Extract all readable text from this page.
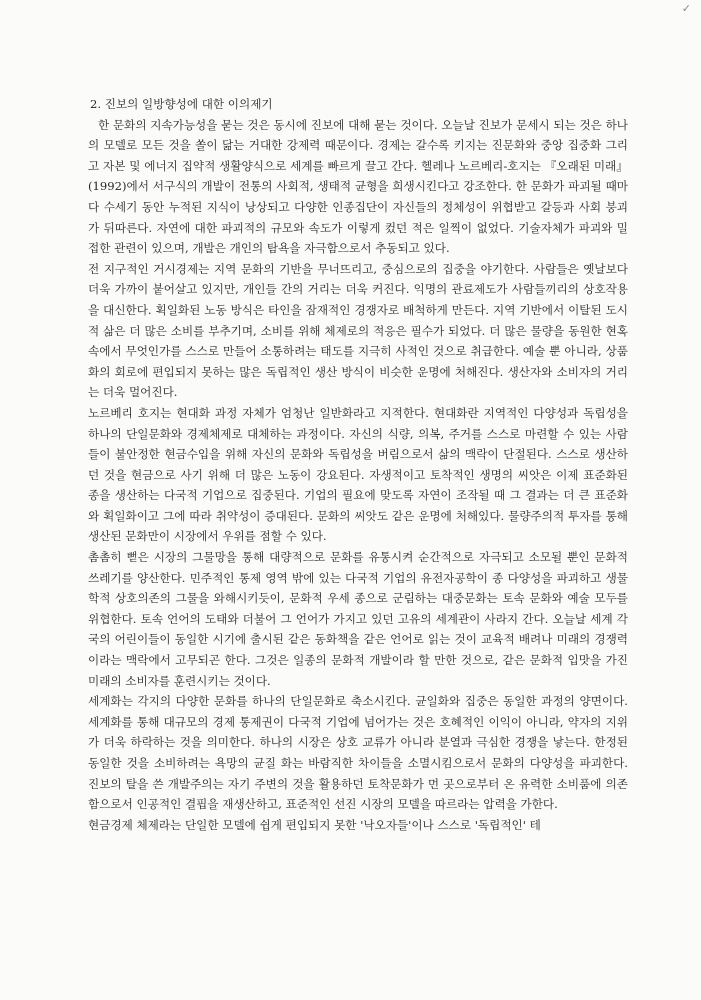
✓

2. 진보의 일방향성에 대한 이의제기

한 문화의 지속가능성을 묻는 것은 동시에 진보에 대해 묻는 것이다. 오늘날 진보가 문세시 되는 것은 하나의 모델로 모든 것을 쏠이 닮는 거대한 강제력 때문이다. 경제는 갈수록 키지는 진문화와 중앙 집중화 그리고 자본 및 에너지 집약적 생활양식으로 세계를 빠르게 끌고 간다. 헬레나 노르베리-호지는 『오래된 미래』(1992)에서 서구식의 개발이 전통의 사회적, 생태적 균형을 희생시킨다고 강조한다. 한 문화가 파괴될 때마다 수세기 동안 누적된 지식이 낭상되고 다양한 인종집단이 자신들의 정체성이 위협받고 갈등과 사회 붕괴가 뒤따른다. 자연에 대한 파괴적의 규모와 속도가 이렇게 컸던 적은 일찍이 없었다. 기술자체가 파괴와 밀접한 관련이 있으며, 개발은 개인의 탐욕을 자극함으로서 추동되고 있다.

전 지구적인 거시경제는 지역 문화의 기반을 무너뜨리고, 중심으로의 집중을 야기한다. 사람들은 옛날보다 더욱 가까이 붙어살고 있지만, 개인들 간의 거리는 더욱 커진다. 익명의 관료제도가 사람들끼리의 상호작용을 대신한다. 획일화된 노동 방식은 타인을 잠재적인 경쟁자로 배척하게 만든다. 지역 기반에서 이탈된 도시적 삶은 더 많은 소비를 부추기며, 소비를 위해 체제로의 적응은 필수가 되었다. 더 많은 물량을 동원한 현혹 속에서 무엇인가를 스스로 만들어 소통하려는 태도를 지극히 사적인 것으로 취급한다. 예술 뿐 아니라, 상품화의 회로에 편입되지 못하는 많은 독립적인 생산 방식이 비슷한 운명에 처해진다. 생산자와 소비자의 거리는 더욱 멀어진다.

노르베리 호지는 현대화 과정 자체가 엄청난 일반화라고 지적한다. 현대화란 지역적인 다양성과 독립성을 하나의 단일문화와 경제체제로 대체하는 과정이다. 자신의 식량, 의복, 주거를 스스로 마련할 수 있는 사람들이 불안정한 현금수입을 위해 자신의 문화와 독립성을 버림으로서 삶의 맥락이 단절된다. 스스로 생산하던 것을 현금으로 사기 위해 더 많은 노동이 강요된다. 자생적이고 토착적인 생명의 씨앗은 이제 표준화된 종을 생산하는 다국적 기업으로 집중된다. 기업의 필요에 맞도록 자연이 조작될 때 그 결과는 더 큰 표준화와 획일화이고 그에 따라 취약성이 증대된다. 문화의 씨앗도 같은 운명에 처해있다. 물량주의적 투자를 통해 생산된 문화만이 시장에서 우위를 점할 수 있다.

촘촘히 뻗은 시장의 그물망을 통해 대량적으로 문화를 유통시켜 순간적으로 자극되고 소모될 뿐인 문화적 쓰레기를 양산한다. 민주적인 통제 영역 밖에 있는 다국적 기업의 유전자공학이 종 다양성을 파괴하고 생물학적 상호의존의 그물을 와해시키듯이, 문화적 우세 종으로 군림하는 대중문화는 토속 문화와 예술 모두를 위협한다. 토속 언어의 도태와 더불어 그 언어가 가지고 있던 고유의 세계관이 사라지 간다. 오늘날 세계 각국의 어린이들이 동일한 시기에 출시된 같은 동화책을 같은 언어로 읽는 것이 교육적 배려나 미래의 경쟁력이라는 맥락에서 고무되곤 한다. 그것은 일종의 문화적 개발이라 할 만한 것으로, 같은 문화적 입맛을 가진 미래의 소비자를 훈련시키는 것이다.

세계화는 각지의 다양한 문화를 하나의 단일문화로 축소시킨다. 균일화와 집중은 동일한 과정의 양면이다. 세계화를 통해 대규모의 경제 통제권이 다국적 기업에 넘어가는 것은 호혜적인 이익이 아니라, 약자의 지위가 더욱 하락하는 것을 의미한다. 하나의 시장은 상호 교류가 아니라 분열과 극심한 경쟁을 낳는다. 한정된 동일한 것을 소비하려는 욕망의 균질 화는 바람직한 차이들을 소멸시킴으로서 문화의 다양성을 파괴한다. 진보의 탈을 쓴 개발주의는 자기 주변의 것을 활용하던 토착문화가 먼 곳으로부터 온 유력한 소비품에 의존함으로서 인공적인 결핍을 재생산하고, 표준적인 선진 시장의 모델을 따르라는 압력을 가한다.

현금경제 체제라는 단일한 모델에 쉽게 편입되지 못한 '낙오자들'이나 스스로 '독립적인' 테
